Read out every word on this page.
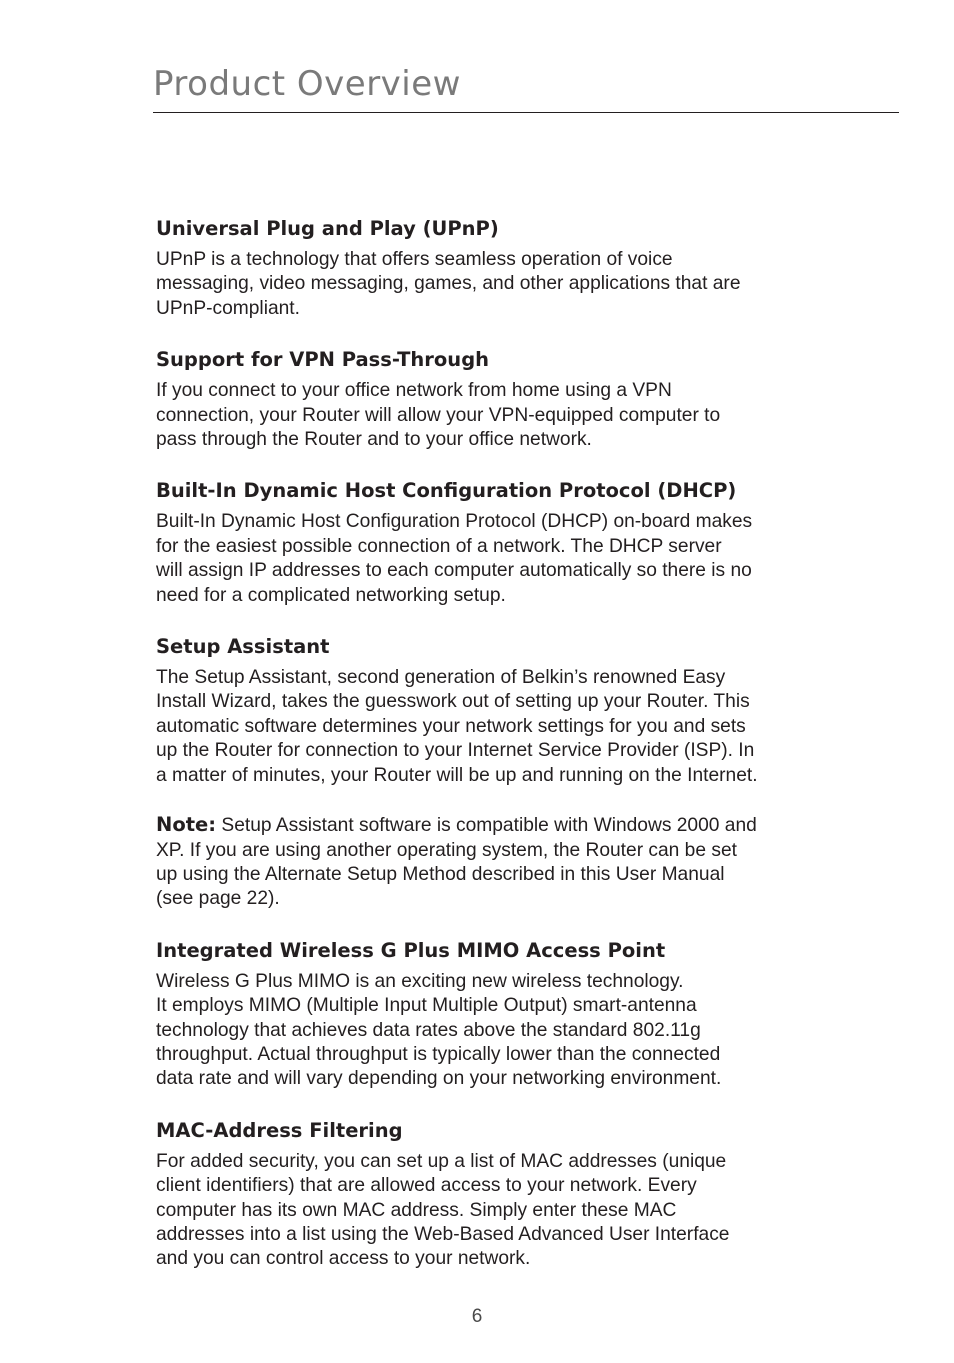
Product Overview
Universal Plug and Play (UPnP)

UPnP is a technology that offers seamless operation of voice
messaging, video messaging, games, and other applications that are
UPnP-compliant.

Support for VPN Pass-Through

If you connect to your office network from home using a VPN
connection, your Router will allow your VPN-equipped computer to
pass through the Router and to your office network.

Built-In Dynamic Host Configuration Protocol (DHCP)

Built-In Dynamic Host Configuration Protocol (DHCP) on-board makes
for the easiest possible connection of a network. The DHCP server
will assign IP addresses to each computer automatically so there is no
need for a complicated networking setup.

Setup Assistant

The Setup Assistant, second generation of Belkin’s renowned Easy
Install Wizard, takes the guesswork out of setting up your Router. This
automatic software determines your network settings for you and sets
up the Router for connection to your Internet Service Provider (ISP). In
a matter of minutes, your Router will be up and running on the Internet.

Note: Setup Assistant software is compatible with Windows 2000 and
XP. If you are using another operating system, the Router can be set
up using the Alternate Setup Method described in this User Manual
(see page 22).

Integrated Wireless G Plus MIMO Access Point

Wireless G Plus MIMO is an exciting new wireless technology.
It employs MIMO (Multiple Input Multiple Output) smart-antenna
technology that achieves data rates above the standard 802.11g
throughput. Actual throughput is typically lower than the connected
data rate and will vary depending on your networking environment.

MAC-Address Filtering

For added security, you can set up a list of MAC addresses (unique
client identifiers) that are allowed access to your network. Every
computer has its own MAC address. Simply enter these MAC
addresses into a list using the Web-Based Advanced User Interface
and you can control access to your network.

6
